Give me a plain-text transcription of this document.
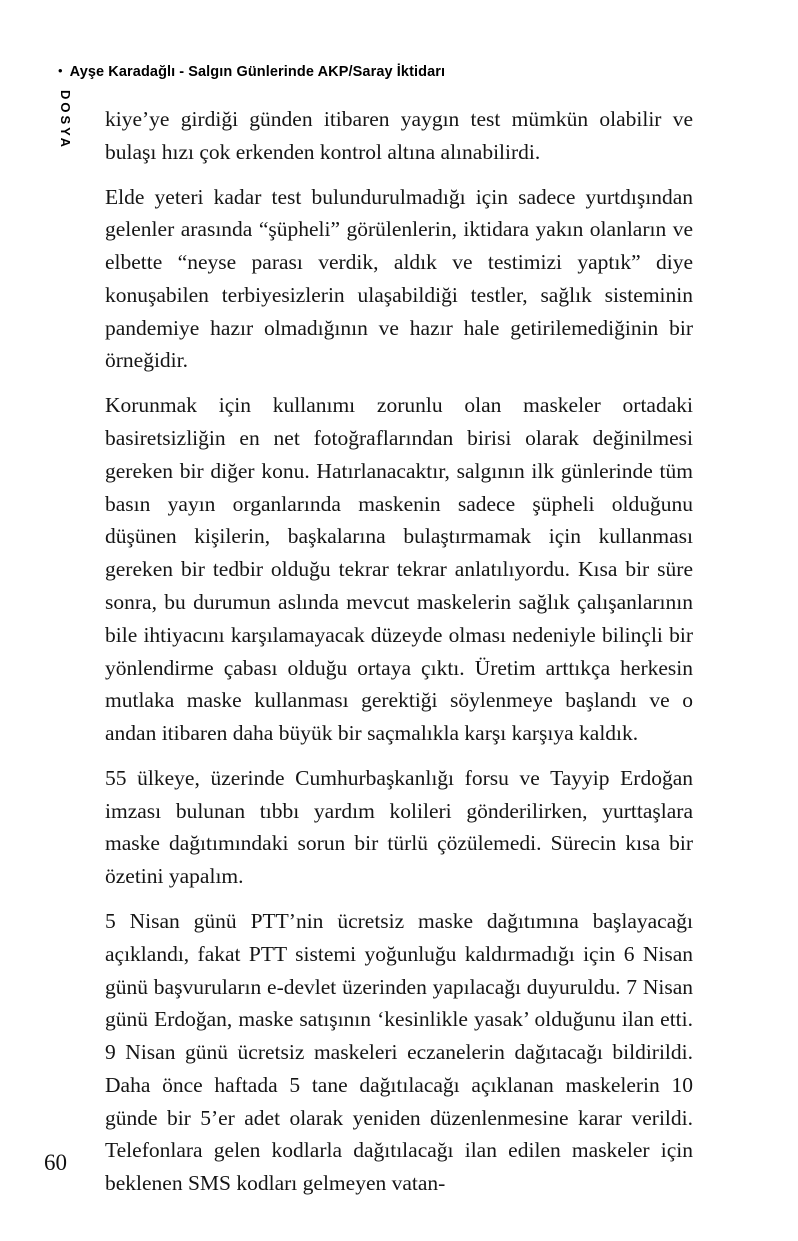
• Ayşe Karadağlı - Salgın Günlerinde AKP/Saray İktidarı
DOSYA kiye’ye girdiği günden itibaren yaygın test mümkün olabilir ve bulaşı hızı çok erkenden kontrol altına alınabilirdi.

Elde yeteri kadar test bulundurulmadığı için sadece yurtdışından gelenler arasında “şüpheli” görülenlerin, iktidara yakın olanların ve elbette “neyse parası verdik, aldık ve testimizi yaptık” diye konuşabilen terbiyesizlerin ulaşabildiği testler, sağlık sisteminin pandemiye hazır olmadığının ve hazır hale getirilemediğinin bir örneğidir.

Korunmak için kullanımı zorunlu olan maskeler ortadaki basiretsizliğin en net fotoğraflarından birisi olarak değinilmesi gereken bir diğer konu. Hatırlanacaktır, salgının ilk günlerinde tüm basın yayın organlarında maskenin sadece şüpheli olduğunu düşünen kişilerin, başkalarına bulaştırmamak için kullanması gereken bir tedbir olduğu tekrar tekrar anlatılıyordu. Kısa bir süre sonra, bu durumun aslında mevcut maskelerin sağlık çalışanlarının bile ihtiyacını karşılamayacak düzeyde olması nedeniyle bilinçli bir yönlendirme çabası olduğu ortaya çıktı. Üretim arttıkça herkesin mutlaka maske kullanması gerektiği söylenmeye başlandı ve o andan itibaren daha büyük bir saçmalıkla karşı karşıya kaldık.

55 ülkeye, üzerinde Cumhurbaşkanlığı forsu ve Tayyip Erdoğan imzası bulunan tıbbı yardım kolileri gönderilirken, yurttaşlara maske dağıtımındaki sorun bir türlü çözülemedi. Sürecin kısa bir özetini yapalım.

5 Nisan günü PTT’nin ücretsiz maske dağıtımına başlayacağı açıklandı, fakat PTT sistemi yoğunluğu kaldırmadığı için 6 Nisan günü başvuruların e-devlet üzerinden yapılacağı duyuruldu. 7 Nisan günü Erdoğan, maske satışının ‘kesinlikle yasak’ olduğunu ilan etti. 9 Nisan günü ücretsiz maskeleri eczanelerin dağıtacağı bildirildi. Daha önce haftada 5 tane dağıtılacağı açıklanan maskelerin 10 günde bir 5’er adet olarak yeniden düzenlenmesine karar verildi. Telefonlara gelen kodlarla dağıtılacağı ilan edilen maskeler için beklenen SMS kodları gelmeyen vatan-

60
